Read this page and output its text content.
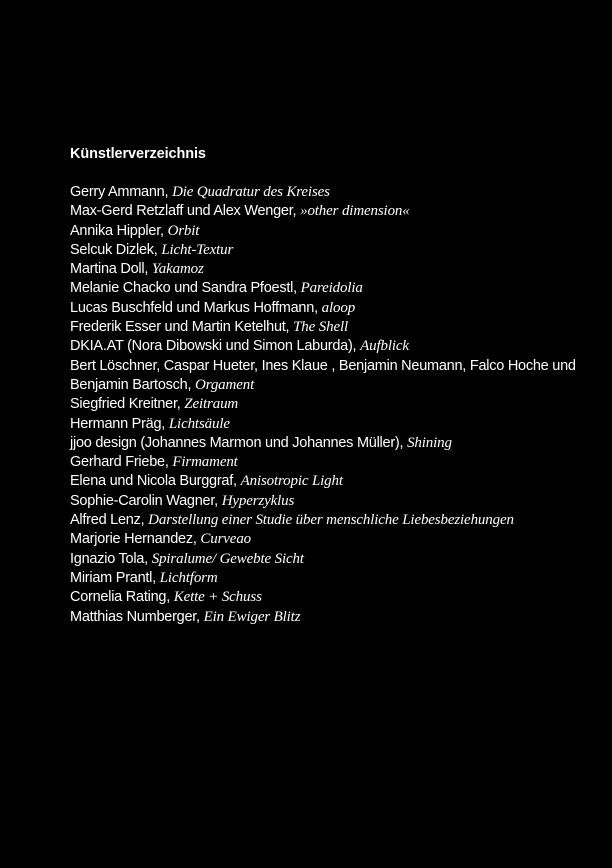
Künstlerverzeichnis
Gerry Ammann, Die Quadratur des Kreises
Max-Gerd Retzlaff und Alex Wenger, »other dimension«
Annika Hippler, Orbit
Selcuk Dizlek, Licht-Textur
Martina Doll, Yakamoz
Melanie Chacko und Sandra Pfoestl, Pareidolia
Lucas Buschfeld und Markus Hoffmann, aloop
Frederik Esser und Martin Ketelhut, The Shell
DKIA.AT (Nora Dibowski und Simon Laburda), Aufblick
Bert Löschner, Caspar Hueter, Ines Klaue , Benjamin Neumann, Falco Hoche und Benjamin Bartosch, Orgament
Siegfried Kreitner, Zeitraum
Hermann Präg, Lichtsäule
jjoo design (Johannes Marmon und Johannes Müller), Shining
Gerhard Friebe, Firmament
Elena und Nicola Burggraf, Anisotropic Light
Sophie-Carolin Wagner, Hyperzyklus
Alfred Lenz, Darstellung einer Studie über menschliche Liebesbeziehungen
Marjorie Hernandez, Curveao
Ignazio Tola, Spiralume/ Gewebte Sicht
Miriam Prantl, Lichtform
Cornelia Rating, Kette + Schuss
Matthias Numberger, Ein Ewiger Blitz
